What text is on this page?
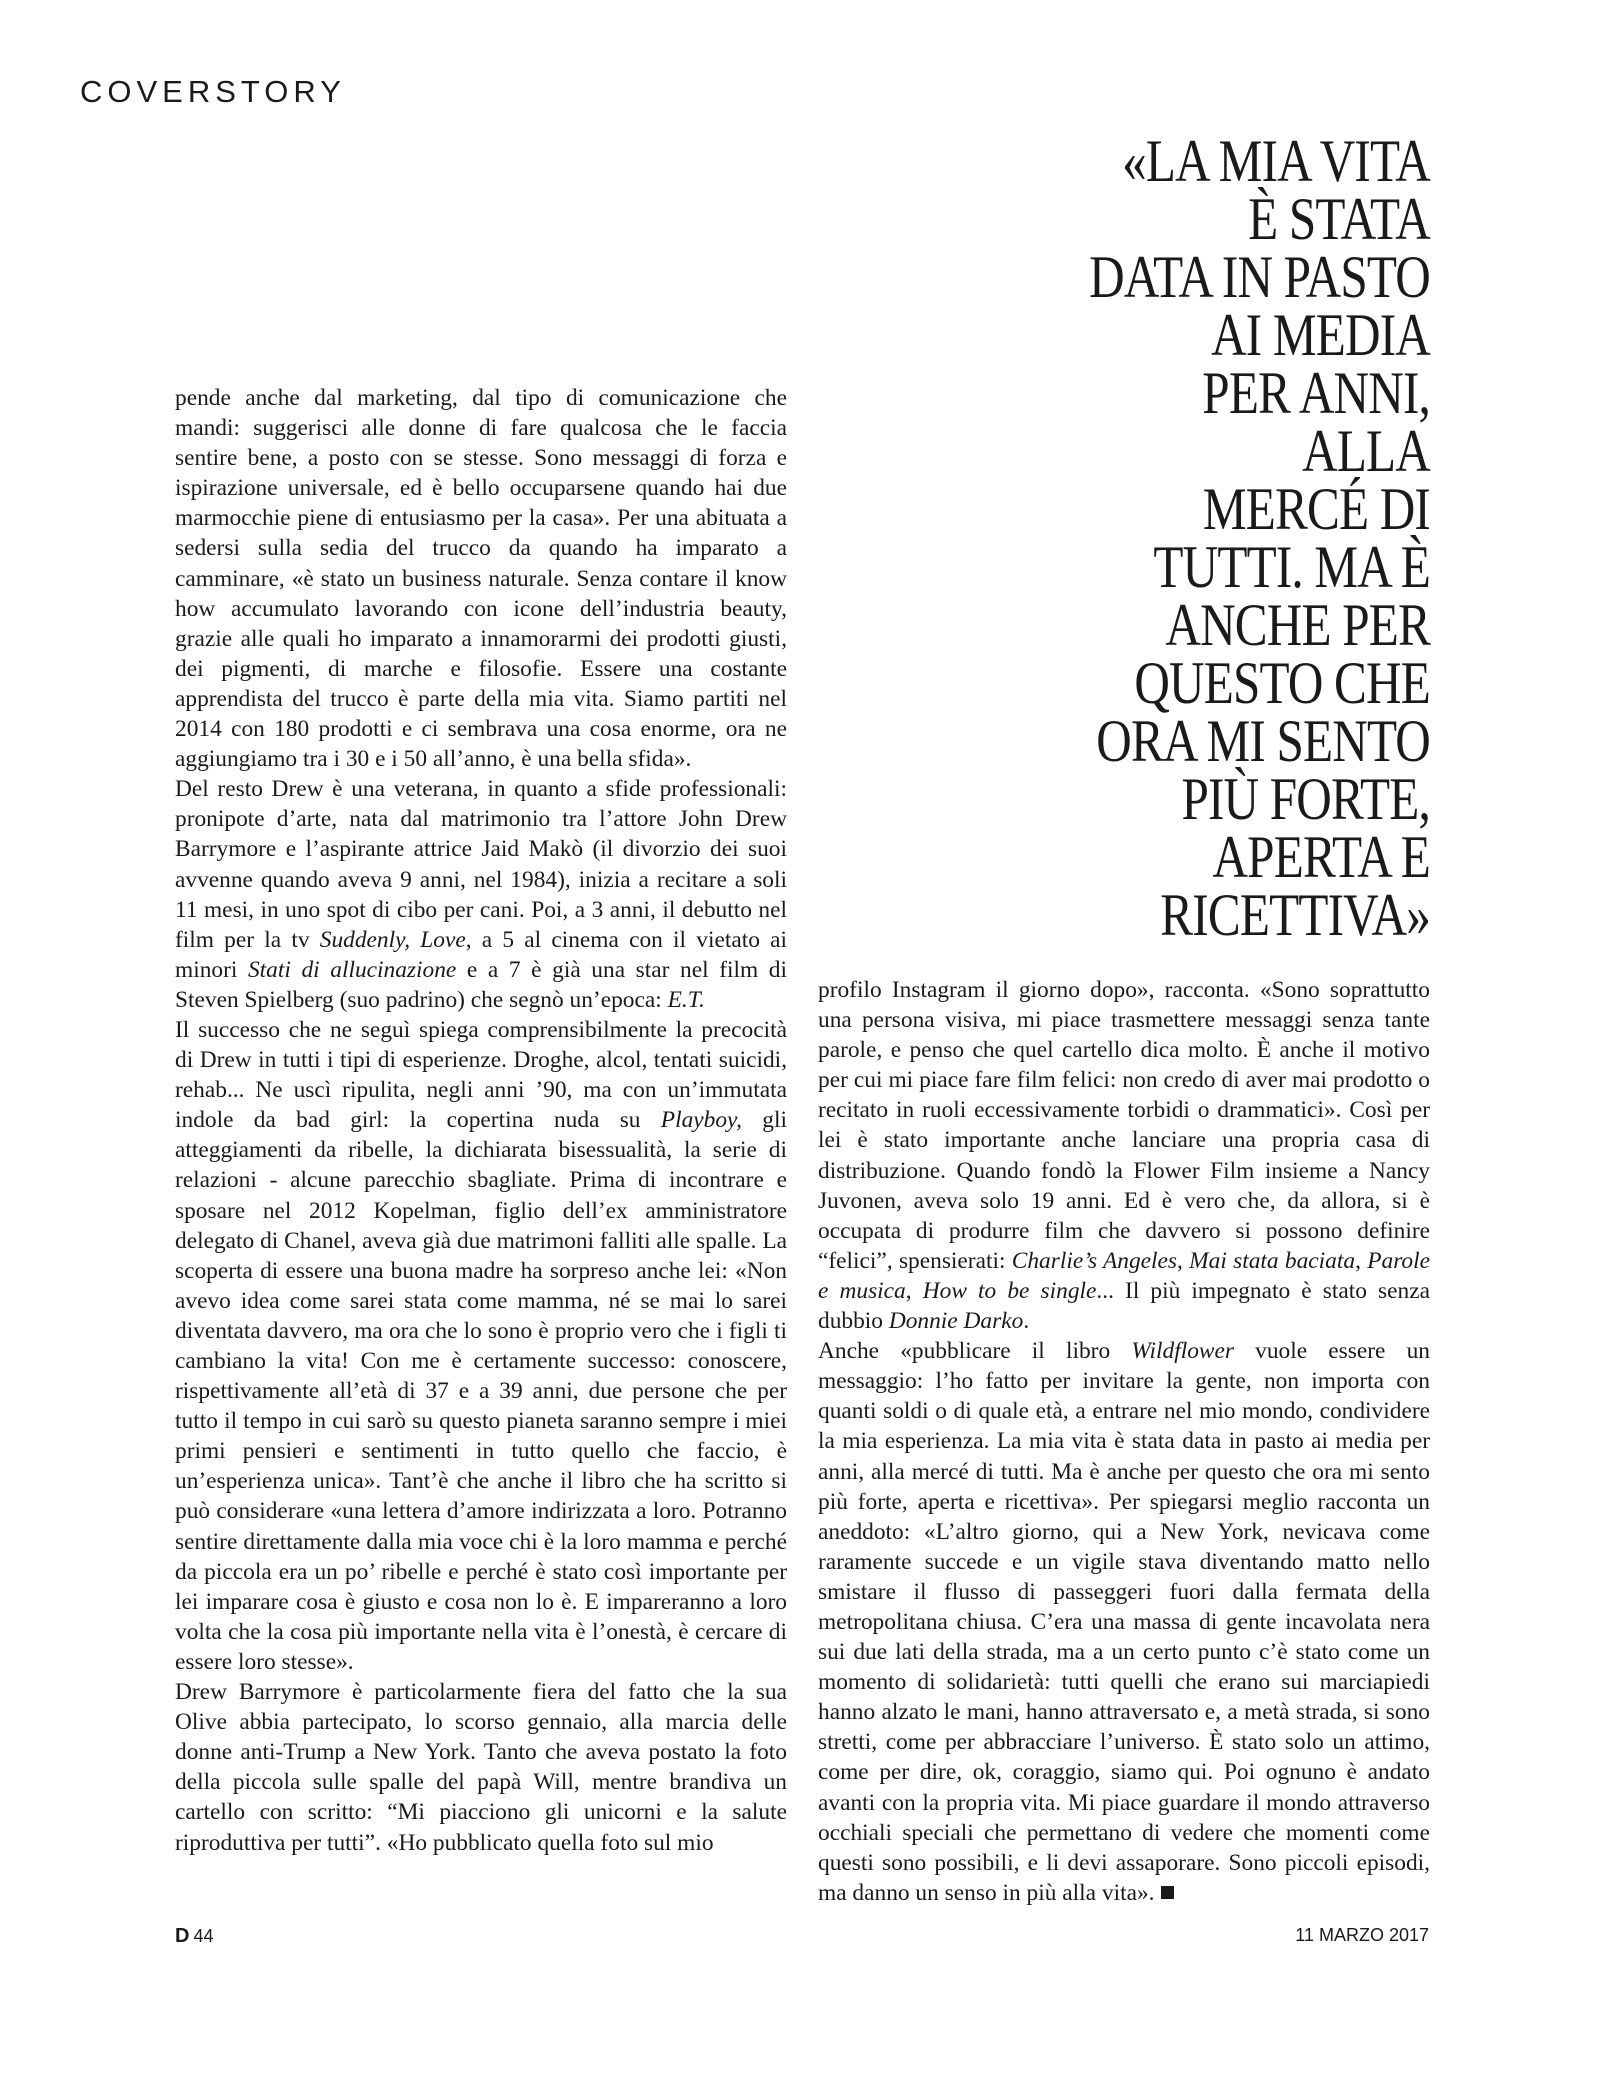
COVERSTORY
«LA MIA VITA
È STATA
DATA IN PASTO
AI MEDIA
PER ANNI,
ALLA
MERCÉ DI
TUTTI. MA È
ANCHE PER
QUESTO CHE
ORA MI SENTO
PIÙ FORTE,
APERTA E
RICETTIVA»

pende anche dal marketing, dal tipo di comunicazione che mandi: suggerisci alle donne di fare qualcosa che le faccia sentire bene, a posto con se stesse. Sono messaggi di forza e ispirazione universale, ed è bello occuparsene quando hai due marmocchie piene di entusiasmo per la casa». Per una abituata a sedersi sulla sedia del trucco da quando ha imparato a camminare, «è stato un business naturale. Senza contare il know how accumulato lavorando con icone dell’industria beauty, grazie alle quali ho imparato a innamorarmi dei prodotti giusti, dei pigmenti, di marche e filosofie. Essere una costante apprendista del trucco è parte della mia vita. Siamo partiti nel 2014 con 180 prodotti e ci sembrava una cosa enorme, ora ne aggiungiamo tra i 30 e i 50 all’anno, è una bella sfida».

Del resto Drew è una veterana, in quanto a sfide professionali: pronipote d’arte, nata dal matrimonio tra l’attore John Drew Barrymore e l’aspirante attrice Jaid Makò (il divorzio dei suoi avvenne quando aveva 9 anni, nel 1984), inizia a recitare a soli 11 mesi, in uno spot di cibo per cani. Poi, a 3 anni, il debutto nel film per la tv Suddenly, Love, a 5 al cinema con il vietato ai minori Stati di allucinazione e a 7 è già una star nel film di Steven Spielberg (suo padrino) che segnò un’epoca: E.T.

Il successo che ne seguì spiega comprensibilmente la precocità di Drew in tutti i tipi di esperienze. Droghe, alcol, tentati suicidi, rehab... Ne uscì ripulita, negli anni ’90, ma con un’immutata indole da bad girl: la copertina nuda su Playboy, gli atteggiamenti da ribelle, la dichiarata bisessualità, la serie di relazioni - alcune parecchio sbagliate. Prima di incontrare e sposare nel 2012 Kopelman, figlio dell’ex amministratore delegato di Chanel, aveva già due matrimoni falliti alle spalle. La scoperta di essere una buona madre ha sorpreso anche lei: «Non avevo idea come sarei stata come mamma, né se mai lo sarei diventata davvero, ma ora che lo sono è proprio vero che i figli ti cambiano la vita! Con me è certamente successo: conoscere, rispettivamente all’età di 37 e a 39 anni, due persone che per tutto il tempo in cui sarò su questo pianeta saranno sempre i miei primi pensieri e sentimenti in tutto quello che faccio, è un’esperienza unica». Tant’è che anche il libro che ha scritto si può considerare «una lettera d’amore indirizzata a loro. Potranno sentire direttamente dalla mia voce chi è la loro mamma e perché da piccola era un po’ ribelle e perché è stato così importante per lei imparare cosa è giusto e cosa non lo è. E impareranno a loro volta che la cosa più importante nella vita è l’onestà, è cercare di essere loro stesse».

Drew Barrymore è particolarmente fiera del fatto che la sua Olive abbia partecipato, lo scorso gennaio, alla marcia delle donne anti-Trump a New York. Tanto che aveva postato la foto della piccola sulle spalle del papà Will, mentre brandiva un cartello con scritto: “Mi piacciono gli unicorni e la salute riproduttiva per tutti”. «Ho pubblicato quella foto sul mio

profilo Instagram il giorno dopo», racconta. «Sono soprattutto una persona visiva, mi piace trasmettere messaggi senza tante parole, e penso che quel cartello dica molto. È anche il motivo per cui mi piace fare film felici: non credo di aver mai prodotto o recitato in ruoli eccessivamente torbidi o drammatici». Così per lei è stato importante anche lanciare una propria casa di distribuzione. Quando fondò la Flower Film insieme a Nancy Juvonen, aveva solo 19 anni. Ed è vero che, da allora, si è occupata di produrre film che davvero si possono definire “felici”, spensierati: Charlie’s Angeles, Mai stata baciata, Parole e musica, How to be single... Il più impegnato è stato senza dubbio Donnie Darko.

Anche «pubblicare il libro Wildflower vuole essere un messaggio: l’ho fatto per invitare la gente, non importa con quanti soldi o di quale età, a entrare nel mio mondo, condividere la mia esperienza. La mia vita è stata data in pasto ai media per anni, alla mercé di tutti. Ma è anche per questo che ora mi sento più forte, aperta e ricettiva». Per spiegarsi meglio racconta un aneddoto: «L’altro giorno, qui a New York, nevicava come raramente succede e un vigile stava diventando matto nello smistare il flusso di passeggeri fuori dalla fermata della metropolitana chiusa. C’era una massa di gente incavolata nera sui due lati della strada, ma a un certo punto c’è stato come un momento di solidarietà: tutti quelli che erano sui marciapiedi hanno alzato le mani, hanno attraversato e, a metà strada, si sono stretti, come per abbracciare l’universo. È stato solo un attimo, come per dire, ok, coraggio, siamo qui. Poi ognuno è andato avanti con la propria vita. Mi piace guardare il mondo attraverso occhiali speciali che permettano di vedere che momenti come questi sono possibili, e li devi assaporare. Sono piccoli episodi, ma danno un senso in più alla vita».

D 44	11 MARZO 2017
